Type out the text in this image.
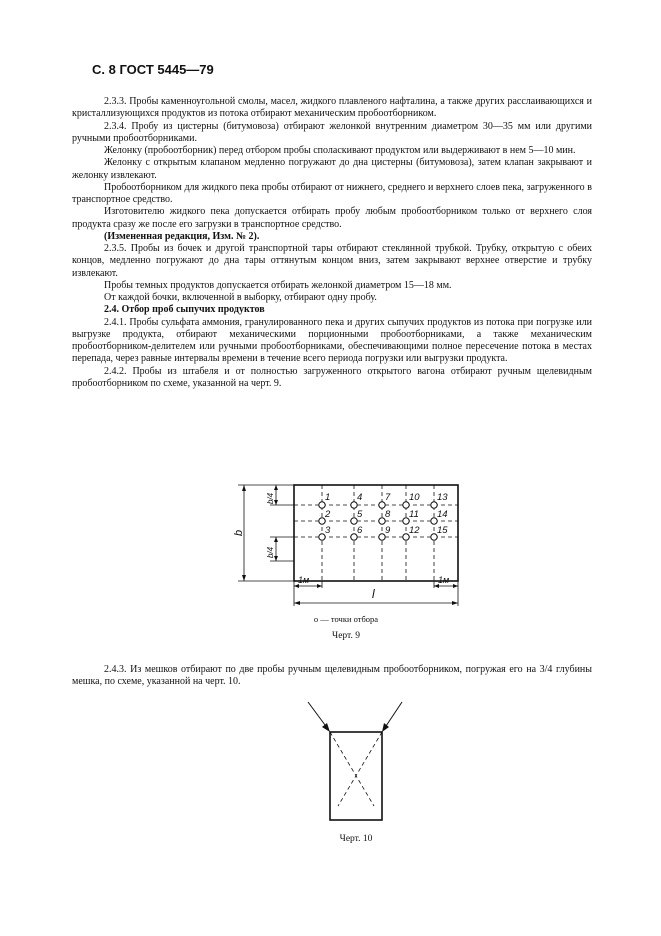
С. 8 ГОСТ 5445—79

2.3.3. Пробы каменноугольной смолы, масел, жидкого плавленого нафталина, а также других расслаивающихся и кристаллизующихся продуктов из потока отбирают механическим пробоотборником.

2.3.4. Пробу из цистерны (битумовоза) отбирают желонкой внутренним диаметром 30—35 мм или другими ручными пробоотборниками.

Желонку (пробоотборник) перед отбором пробы споласкивают продуктом или выдерживают в нем 5—10 мин.

Желонку с открытым клапаном медленно погружают до дна цистерны (битумовоза), затем клапан закрывают и желонку извлекают.

Пробоотборником для жидкого пека пробы отбирают от нижнего, среднего и верхнего слоев пека, загруженного в транспортное средство.

Изготовителю жидкого пека допускается отбирать пробу любым пробоотборником только от верхнего слоя продукта сразу же после его загрузки в транспортное средство.

(Измененная редакция, Изм. № 2).

2.3.5. Пробы из бочек и другой транспортной тары отбирают стеклянной трубкой. Трубку, открытую с обеих концов, медленно погружают до дна тары оттянутым концом вниз, затем закрывают верхнее отверстие и трубку извлекают.

Пробы темных продуктов допускается отбирать желонкой диаметром 15—18 мм.

От каждой бочки, включенной в выборку, отбирают одну пробу.

2.4. Отбор проб сыпучих продуктов

2.4.1. Пробы сульфата аммония, гранулированного пека и других сыпучих продуктов из потока при погрузке или выгрузке продукта, отбирают механическими порционными пробоотборниками, а также механическим пробоотборником-делителем или ручными пробоотборниками, обеспечивающими полное пересечение потока в местах перепада, через равные интервалы времени в течение всего периода погрузки или выгрузки продукта.

2.4.2. Пробы из штабеля и от полностью загруженного открытого вагона отбирают ручным щелевидным пробоотборником по схеме, указанной на черт. 9.

1	4 7 10 13
2	5 8 11 14
3	6 9 12 15
b
b/4
b/4
1м	1м
l
о — точки отбора
Черт. 9

2.4.3. Из мешков отбирают по две пробы ручным щелевидным пробоотборником, погружая его на 3/4 глубины мешка, по схеме, указанной на черт. 10.

Черт. 10
